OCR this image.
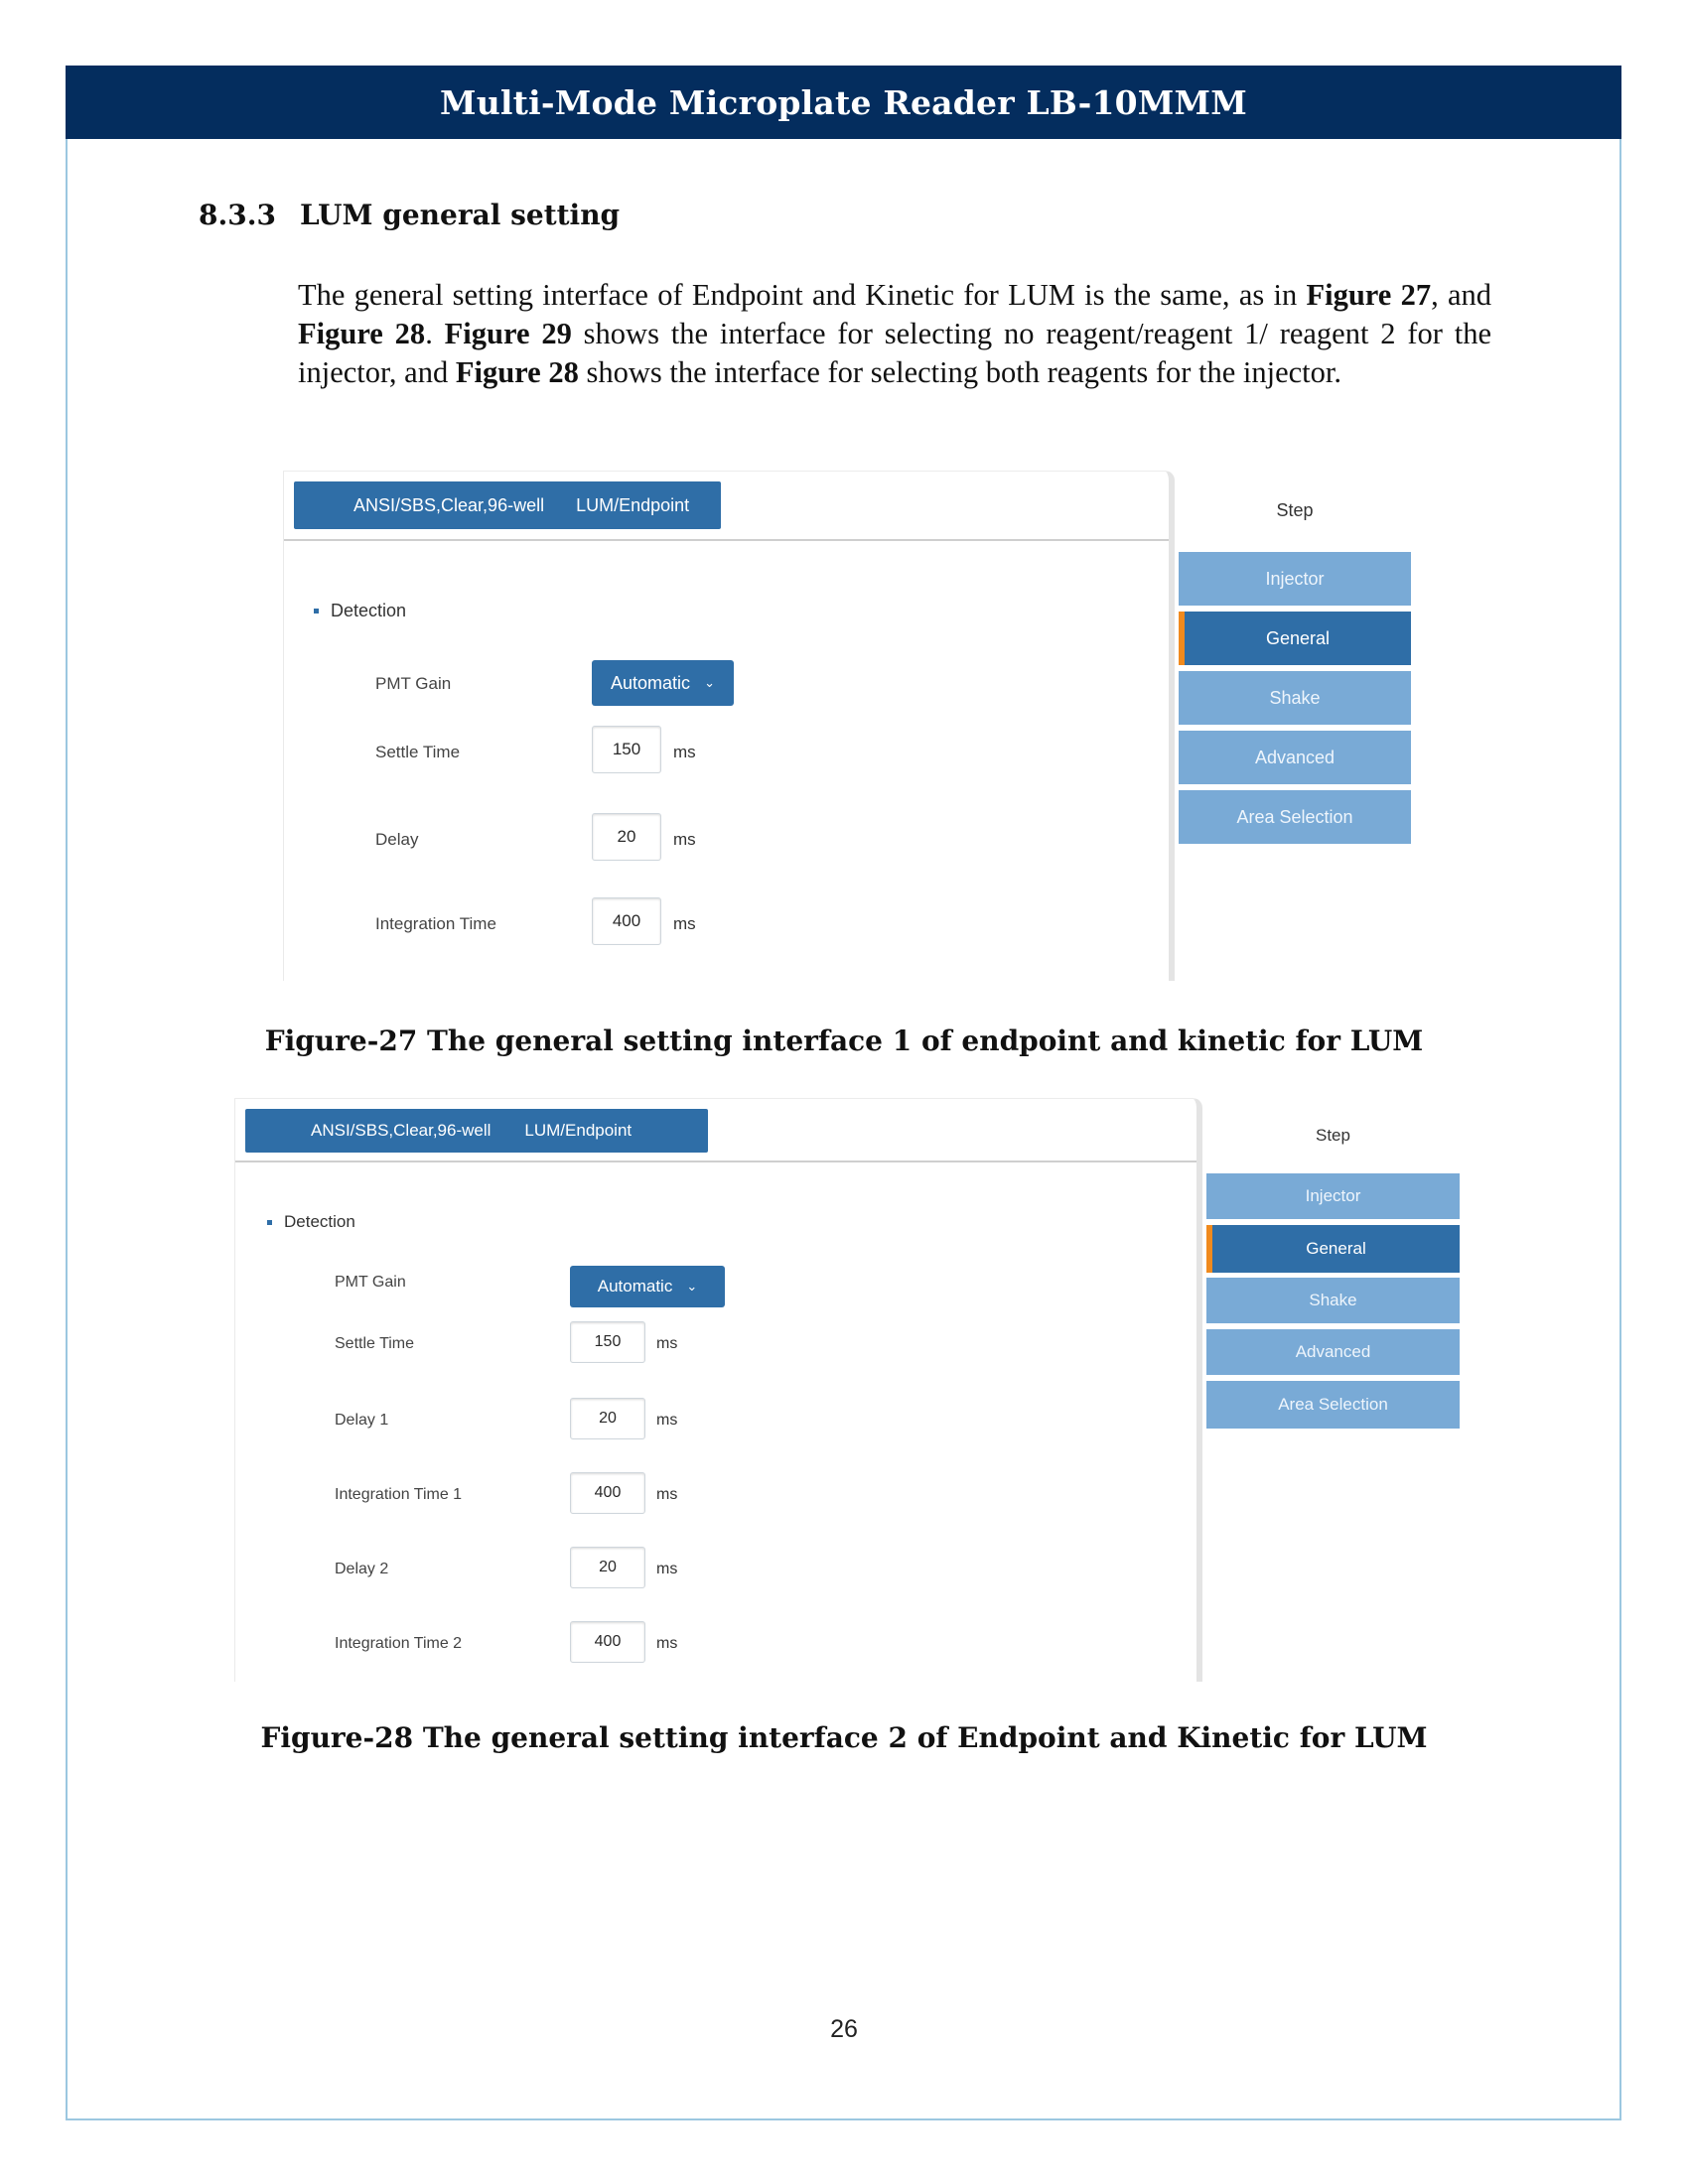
Multi-Mode Microplate Reader LB-10MMM
8.3.3 LUM general setting

The general setting interface of Endpoint and Kinetic for LUM is the same, as in Figure 27, and Figure 28. Figure 29 shows the interface for selecting no reagent/reagent 1/ reagent 2 for the injector, and Figure 28 shows the interface for selecting both reagents for the injector.

ANSI/SBS,Clear,96-well LUM/Endpoint
Detection
PMT Gain	Automatic ⌄
Settle Time	150 ms
Delay	20 ms
Integration Time	400 ms
Step
Injector
General
Shake
Advanced
Area Selection
Figure-27 The general setting interface 1 of endpoint and kinetic for LUM
ANSI/SBS,Clear,96-well LUM/Endpoint
Detection
PMT Gain	Automatic ⌄
Settle Time	150 ms
Delay 1	20	ms
Integration Time 1	400 ms
Delay 2	20	ms
Integration Time 2	400 ms
Step
Injector
General
Shake
Advanced
Area Selection
Figure-28 The general setting interface 2 of Endpoint and Kinetic for LUM
26
